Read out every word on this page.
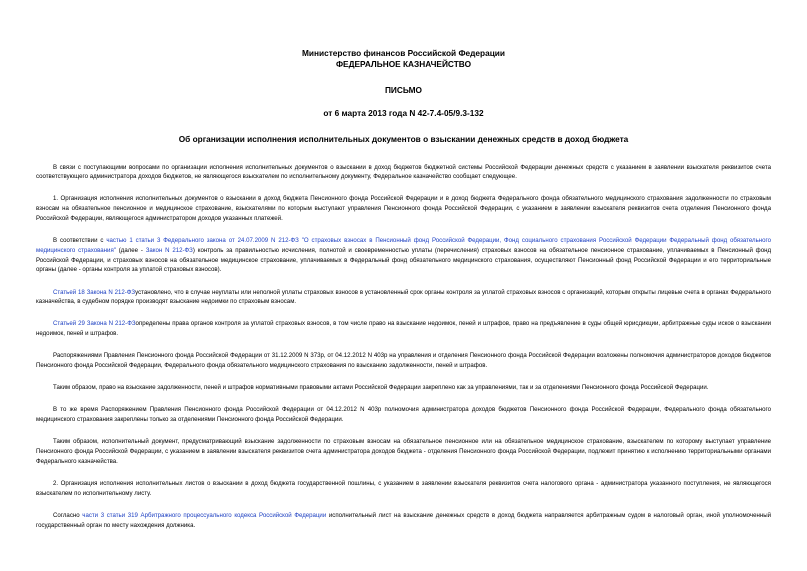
Министерство финансов Российской Федерации
ФЕДЕРАЛЬНОЕ КАЗНАЧЕЙСТВО
ПИСЬМО
от 6 марта 2013 года N 42-7.4-05/9.3-132
Об организации исполнения исполнительных документов о взыскании денежных средств в доход бюджета

В связи с поступающими вопросами по организации исполнения исполнительных документов о взыскании в доход бюджетов бюджетной системы Российской Федерации денежных средств с указанием в заявлении взыскателя реквизитов счета соответствующего администратора доходов бюджетов, не являющегося взыскателем по исполнительному документу, Федеральное казначейство сообщает следующее.

1. Организация исполнения исполнительных документов о взыскании в доход бюджета Пенсионного фонда Российской Федерации и в доход бюджета Федерального фонда обязательного медицинского страхования задолженности по страховым взносам на обязательное пенсионное и медицинское страхование, взыскателями по которым выступают управления Пенсионного фонда Российской Федерации, с указанием в заявлении взыскателя реквизитов счета отделения Пенсионного фонда Российской Федерации, являющегося администратором доходов указанных платежей.

В соответствии с частью 1 статьи 3 Федерального закона от 24.07.2009 N 212-ФЗ "О страховых взносах в Пенсионный фонд Российской Федерации, Фонд социального страхования Российской Федерации Федеральный фонд обязательного медицинского страхования" (далее - Закон N 212-ФЗ) контроль за правильностью исчисления, полнотой и своевременностью уплаты (перечисления) страховых взносов на обязательное пенсионное страхование, уплачиваемых в Пенсионный фонд Российской Федерации, и страховых взносов на обязательное медицинское страхование, уплачиваемых в Федеральный фонд обязательного медицинского страхования, осуществляют Пенсионный фонд Российской Федерации и его территориальные органы (далее - органы контроля за уплатой страховых взносов).

Статьей 18 Закона N 212-ФЗустановлено, что в случае неуплаты или неполной уплаты страховых взносов в установленный срок органы контроля за уплатой страховых взносов с организаций, которым открыты лицевые счета в органах Федерального казначейства, в судебном порядке производят взыскание недоимки по страховым взносам.

Статьей 29 Закона N 212-ФЗопределены права органов контроля за уплатой страховых взносов, в том числе право на взыскание недоимок, пеней и штрафов, право на предъявление в суды общей юрисдикции, арбитражные суды исков о взыскании недоимок, пеней и штрафов.

Распоряжениями Правления Пенсионного фонда Российской Федерации от 31.12.2009 N 373р, от 04.12.2012 N 403р на управления и отделения Пенсионного фонда Российской Федерации возложены полномочия администраторов доходов бюджетов Пенсионного фонда Российской Федерации, Федерального фонда обязательного медицинского страхования по взысканию задолженности, пеней и штрафов.

Таким образом, право на взыскание задолженности, пеней и штрафов нормативными правовыми актами Российской Федерации закреплено как за управлениями, так и за отделениями Пенсионного фонда Российской Федерации.

В то же время Распоряжением Правления Пенсионного фонда Российской Федерации от 04.12.2012 N 403р полномочия администратора доходов бюджетов Пенсионного фонда Российской Федерации, Федерального фонда обязательного медицинского страхования закреплены только за отделениями Пенсионного фонда Российской Федерации.

Таким образом, исполнительный документ, предусматривающий взыскание задолженности по страховым взносам на обязательное пенсионное или на обязательное медицинское страхование, взыскателем по которому выступает управление Пенсионного фонда Российской Федерации, с указанием в заявлении взыскателя реквизитов счета администратора доходов бюджета - отделения Пенсионного фонда Российской Федерации, подлежит принятию к исполнению территориальными органами Федерального казначейства.

2. Организация исполнения исполнительных листов о взыскании в доход бюджета государственной пошлины, с указанием в заявлении взыскателя реквизитов счета налогового органа - администратора указанного поступления, не являющегося взыскателем по исполнительному листу.

Согласно части 3 статьи 319 Арбитражного процессуального кодекса Российской Федерации исполнительный лист на взыскание денежных средств в доход бюджета направляется арбитражным судом в налоговый орган, иной уполномоченный государственный орган по месту нахождения должника.
